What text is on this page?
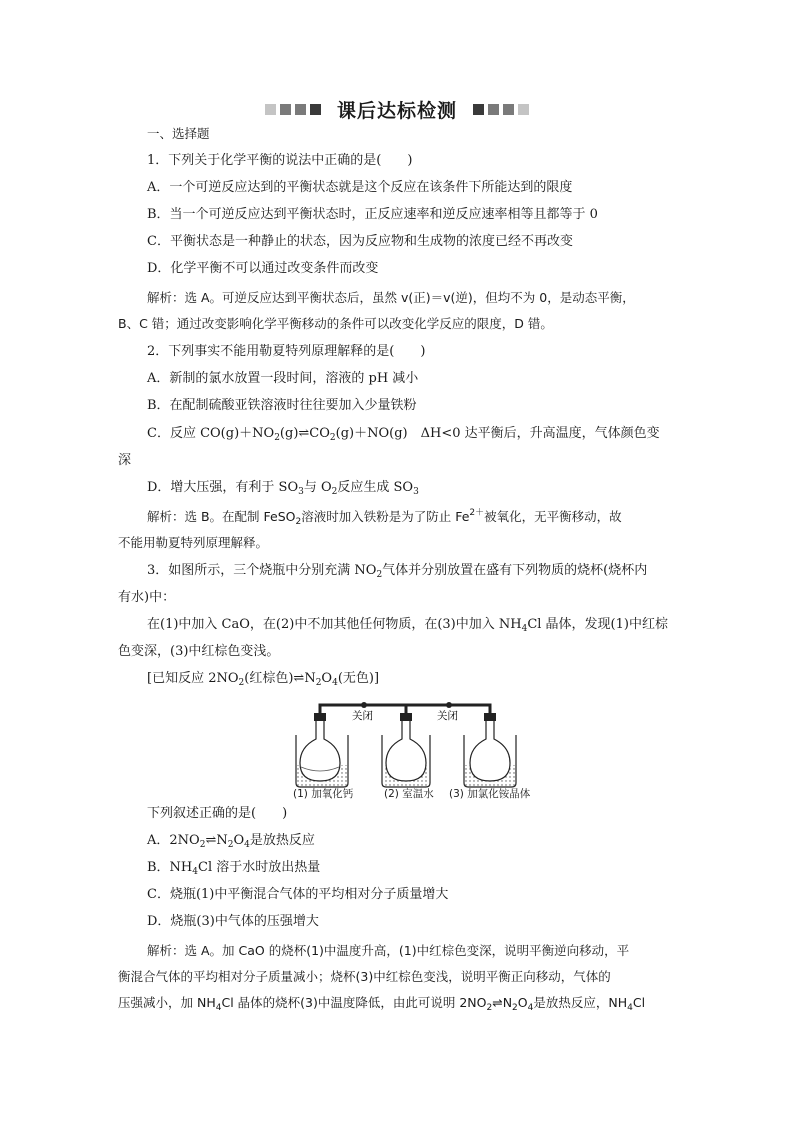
课后达标检测
一、选择题
1．下列关于化学平衡的说法中正确的是(　　)
A．一个可逆反应达到的平衡状态就是这个反应在该条件下所能达到的限度
B．当一个可逆反应达到平衡状态时，正反应速率和逆反应速率相等且都等于 0
C．平衡状态是一种静止的状态，因为反应物和生成物的浓度已经不再改变
D．化学平衡不可以通过改变条件而改变
解析：选 A。可逆反应达到平衡状态后，虽然 v(正)＝v(逆)，但均不为 0，是动态平衡，
B、C 错；通过改变影响化学平衡移动的条件可以改变化学反应的限度，D 错。
2．下列事实不能用勒夏特列原理解释的是(　　)
A．新制的氯水放置一段时间，溶液的 pH 减小
B．在配制硫酸亚铁溶液时往往要加入少量铁粉
C．反应 $CO(g)+NO_2(g)\rightleftharpoons CO_2(g)+NO(g)$　ΔH<0 达平衡后，升高温度，气体颜色变
深
D．增大压强，有利于 $SO_3$与 $O_2$反应生成 $SO_3$
解析：选 B。在配制 FeSO$_2$溶液时加入铁粉是为了防止 $Fe^{2+}$被氧化，无平衡移动，故
不能用勒夏特列原理解释。
3．如图所示，三个烧瓶中分别充满 $NO_2$气体并分别放置在盛有下列物质的烧杯(烧杯内
有水)中：
在(1)中加入 CaO，在(2)中不加其他任何物质，在(3)中加入 $NH_4Cl$ 晶体，发现(1)中红棕
色变深，(3)中红棕色变浅。
[已知反应 $2NO_2$(红棕色)$\rightleftharpoons N_2O_4$(无色)]
关闭	关闭
(1) 加氧化钙	(2) 室温水 (3) 加氯化铵晶体
下列叙述正确的是(　　)
A．$2NO_2\rightleftharpoons N_2O_4$是放热反应
B．$NH_4Cl$ 溶于水时放出热量
C．烧瓶(1)中平衡混合气体的平均相对分子质量增大
D．烧瓶(3)中气体的压强增大
解析：选 A。加 CaO 的烧杯(1)中温度升高，(1)中红棕色变深，说明平衡逆向移动，平
衡混合气体的平均相对分子质量减小；烧杯(3)中红棕色变浅，说明平衡正向移动，气体的
压强减小，加 $NH_4Cl$ 晶体的烧杯(3)中温度降低，由此可说明 $2NO_2\rightleftharpoons N_2O_4$是放热反应，$NH_4Cl$
